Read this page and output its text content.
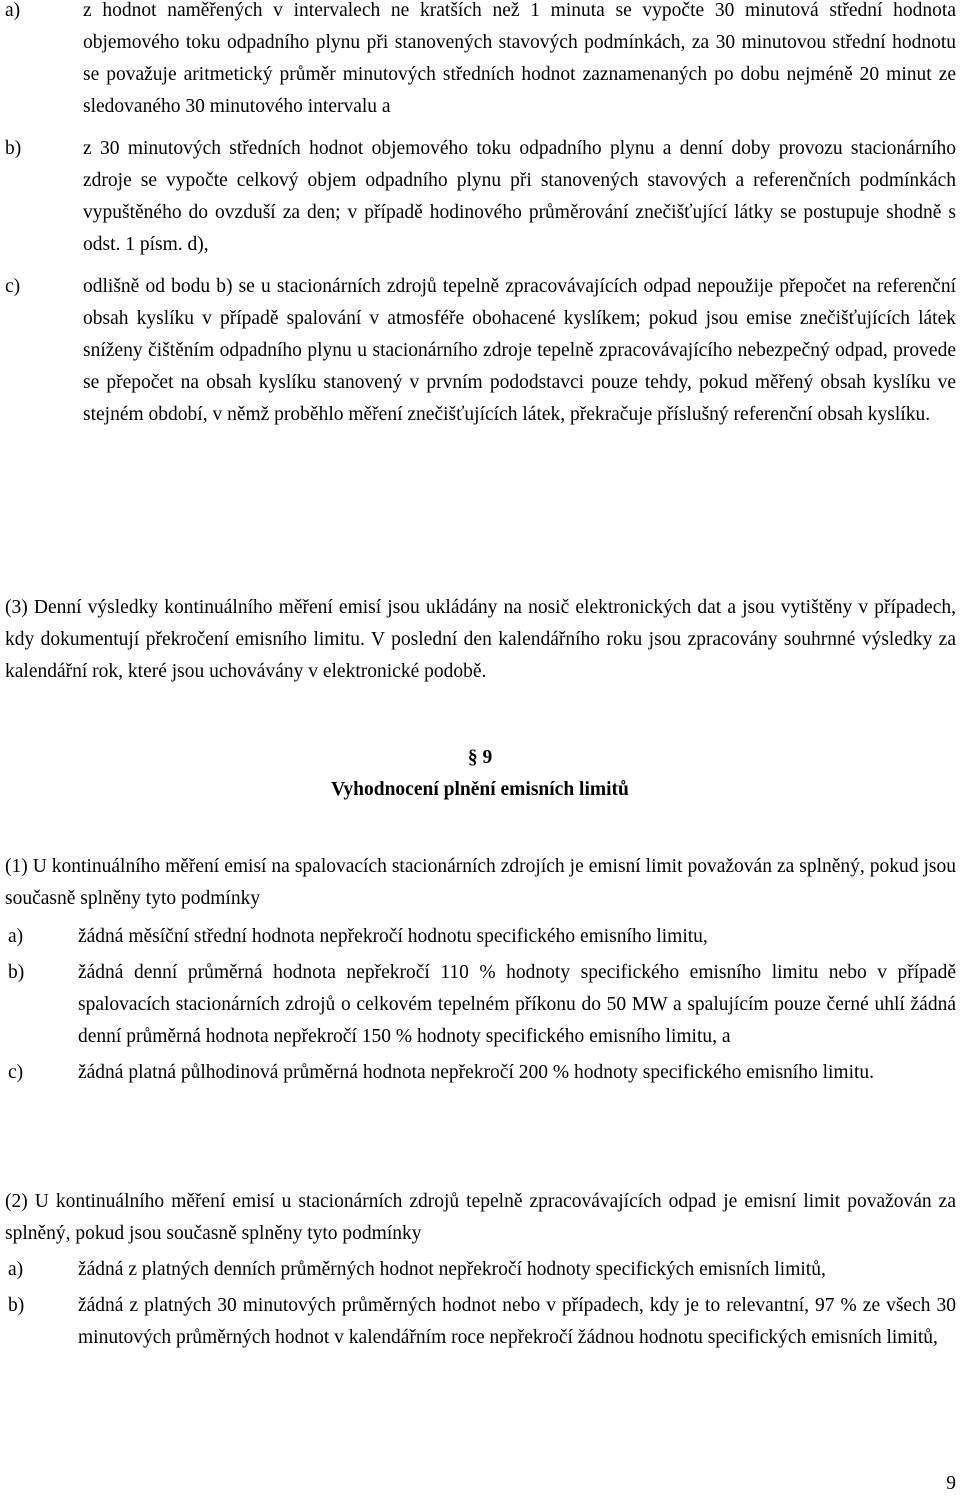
a)	z hodnot naměřených v intervalech ne kratších než 1 minuta se vypočte 30 minutová střední hodnota objemového toku odpadního plynu při stanovených stavových podmínkách, za 30 minutovou střední hodnotu se považuje aritmetický průměr minutových středních hodnot zaznamenaných po dobu nejméně 20 minut ze sledovaného 30 minutového intervalu a
b)	z 30 minutových středních hodnot objemového toku odpadního plynu a denní doby provozu stacionárního zdroje se vypočte celkový objem odpadního plynu při stanovených stavových a referenčních podmínkách vypuštěného do ovzduší za den; v případě hodinového průměrování znečišťující látky se postupuje shodně s odst. 1 písm. d),
c)	odlišně od bodu b) se u stacionárních zdrojů tepelně zpracovávajících odpad nepoužije přepočet na referenční obsah kyslíku v případě spalování v atmosféře obohacené kyslíkem; pokud jsou emise znečišťujících látek sníženy čištěním odpadního plynu u stacionárního zdroje tepelně zpracovávajícího nebezpečný odpad, provede se přepočet na obsah kyslíku stanovený v prvním pododstavci pouze tehdy, pokud měřený obsah kyslíku ve stejném období, v němž proběhlo měření znečišťujících látek, překračuje příslušný referenční obsah kyslíku.

(3) Denní výsledky kontinuálního měření emisí jsou ukládány na nosič elektronických dat a jsou vytištěny v případech, kdy dokumentují překročení emisního limitu. V poslední den kalendářního roku jsou zpracovány souhrnné výsledky za kalendářní rok, které jsou uchovávány v elektronické podobě.

§ 9
Vyhodnocení plnění emisních limitů

(1) U kontinuálního měření emisí na spalovacích stacionárních zdrojích je emisní limit považován za splněný, pokud jsou současně splněny tyto podmínky

a)	žádná měsíční střední hodnota nepřekročí hodnotu specifického emisního limitu,
b)	žádná denní průměrná hodnota nepřekročí 110 % hodnoty specifického emisního limitu nebo v případě spalovacích stacionárních zdrojů o celkovém tepelném příkonu do 50 MW a spalujícím pouze černé uhlí žádná denní průměrná hodnota nepřekročí 150 % hodnoty specifického emisního limitu, a
c)	žádná platná půlhodinová průměrná hodnota nepřekročí 200 % hodnoty specifického emisního limitu.

(2) U kontinuálního měření emisí u stacionárních zdrojů tepelně zpracovávajících odpad je emisní limit považován za splněný, pokud jsou současně splněny tyto podmínky

a)	žádná z platných denních průměrných hodnot nepřekročí hodnoty specifických emisních limitů,
b)	žádná z platných 30 minutových průměrných hodnot nebo v případech, kdy je to relevantní, 97 % ze všech 30 minutových průměrných hodnot v kalendářním roce nepřekročí žádnou hodnotu specifických emisních limitů,
9
